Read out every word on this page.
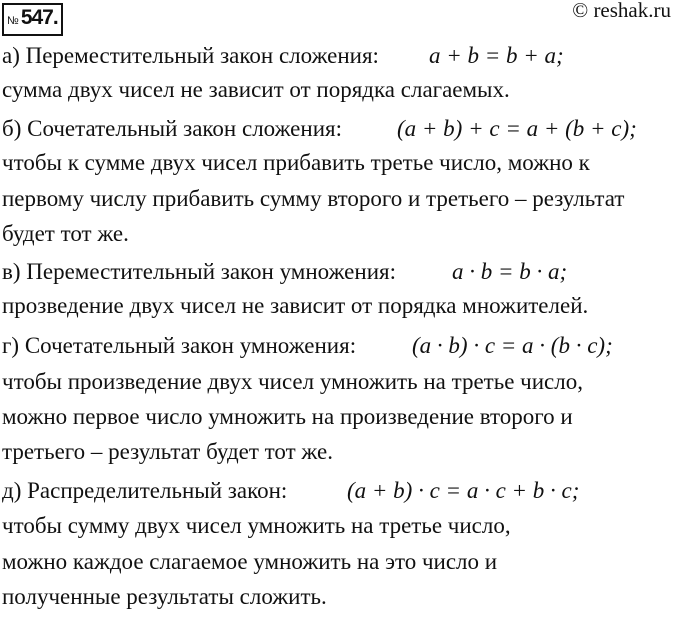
№ 547.	© reshak.ru
а) Переместительный закон сложения: a + b = b + a;
сумма двух чисел не зависит от порядка слагаемых.
б) Сочетательный закон сложения: (a + b) + c = a + (b + c);
чтобы к сумме двух чисел прибавить третье число, можно к
первому числу прибавить сумму второго и третьего – результат
будет тот же.
в) Переместительный закон умножения: a · b = b · a;
прозведение двух чисел не зависит от порядка множителей.
г) Сочетательный закон умножения: (a · b) · c = a · (b · c);
чтобы произведение двух чисел умножить на третье число,
можно первое число умножить на произведение второго и
третьего – результат будет тот же.
д) Распределительный закон:	(a + b) · c = a · c + b · c;
чтобы сумму двух чисел умножить на третье число,
можно каждое слагаемое умножить на это число и
полученные результаты сложить.
